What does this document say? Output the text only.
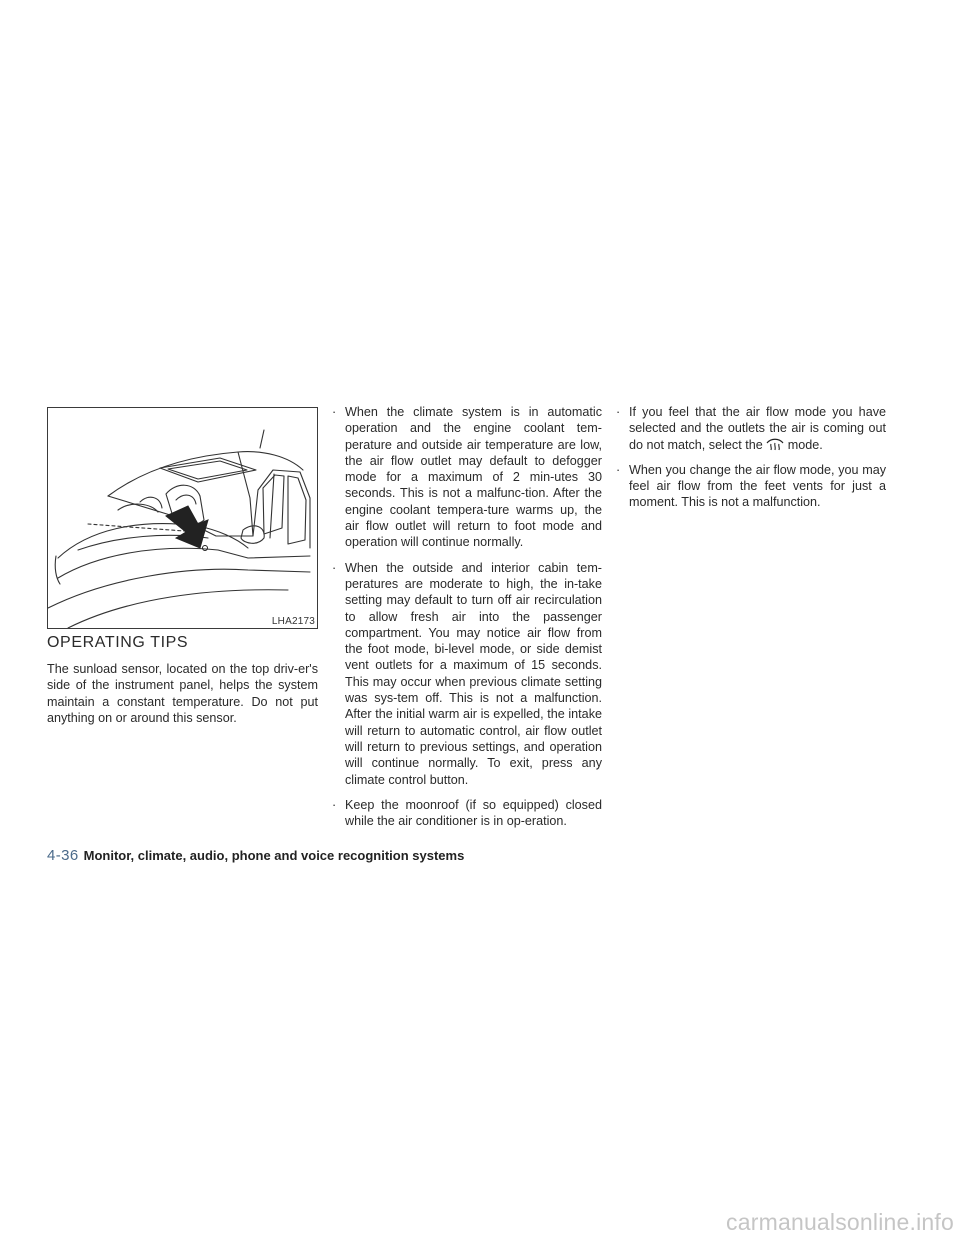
LHA2173
OPERATING TIPS

The sunload sensor, located on the top driv-er's side of the instrument panel, helps the system maintain a constant temperature. Do not put anything on or around this sensor.

· When the climate system is in automatic operation and the engine coolant tem-perature and outside air temperature are low, the air flow outlet may default to defogger mode for a maximum of 2 min-utes 30 seconds. This is not a malfunc-tion. After the engine coolant tempera-ture warms up, the air flow outlet will return to foot mode and operation will continue normally.

· When the outside and interior cabin tem-peratures are moderate to high, the in-take setting may default to turn off air recirculation to allow fresh air into the passenger compartment. You may notice air flow from the foot mode, bi-level mode, or side demist vent outlets for a maximum of 15 seconds. This may occur when previous climate setting was sys-tem off. This is not a malfunction. After the initial warm air is expelled, the intake will return to automatic control, air flow outlet will return to previous settings, and operation will continue normally. To exit, press any climate control button.

· Keep the moonroof (if so equipped) closed while the air conditioner is in op-eration.

· If you feel that the air flow mode you have selected and the outlets the air is coming out do not match, select the mode.

· When you change the air flow mode, you may feel air flow from the feet vents for just a moment. This is not a malfunction.

4-36 Monitor, climate, audio, phone and voice recognition systems
carmanualsonline.info
